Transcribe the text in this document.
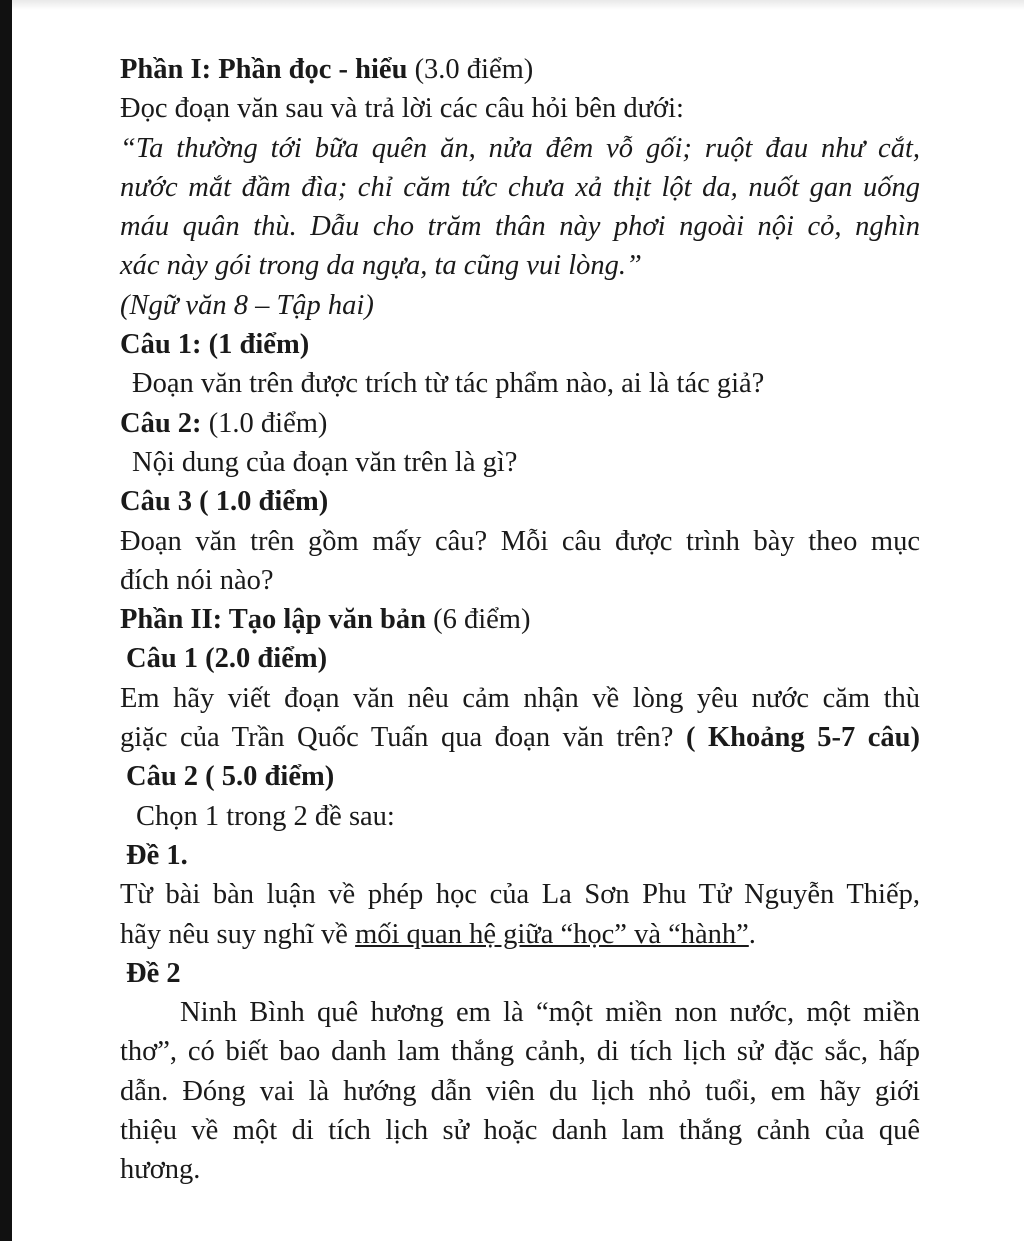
Phần I: Phần đọc - hiểu (3.0 điểm)
Đọc đoạn văn sau và trả lời các câu hỏi bên dưới:
“Ta thường tới bữa quên ăn, nửa đêm vỗ gối; ruột đau như cắt,
nước mắt đầm đìa; chỉ căm tức chưa xả thịt lột da, nuốt gan uống
máu quân thù. Dẫu cho trăm thân này phơi ngoài nội cỏ, nghìn
xác này gói trong da ngựa, ta cũng vui lòng.”
(Ngữ văn 8 – Tập hai)
Câu 1: (1 điểm)
Đoạn văn trên được trích từ tác phẩm nào, ai là tác giả?
Câu 2: (1.0 điểm)
Nội dung của đoạn văn trên là gì?
Câu 3 ( 1.0 điểm)
Đoạn văn trên gồm mấy câu? Mỗi câu được trình bày theo mục
đích nói nào?
Phần II: Tạo lập văn bản (6 điểm)
Câu 1 (2.0 điểm)
Em hãy viết đoạn văn nêu cảm nhận về lòng yêu nước căm thù
giặc của Trần Quốc Tuấn qua đoạn văn trên? ( Khoảng 5-7 câu)
Câu 2 ( 5.0 điểm)
Chọn 1 trong 2 đề sau:
Đề 1.
Từ bài bàn luận về phép học của La Sơn Phu Tử Nguyễn Thiếp,
hãy nêu suy nghĩ về mối quan hệ giữa “học” và “hành”.
Đề 2
Ninh Bình quê hương em là “một miền non nước, một miền
thơ”, có biết bao danh lam thắng cảnh, di tích lịch sử đặc sắc, hấp
dẫn. Đóng vai là hướng dẫn viên du lịch nhỏ tuổi, em hãy giới
thiệu về một di tích lịch sử hoặc danh lam thắng cảnh của quê
hương.
